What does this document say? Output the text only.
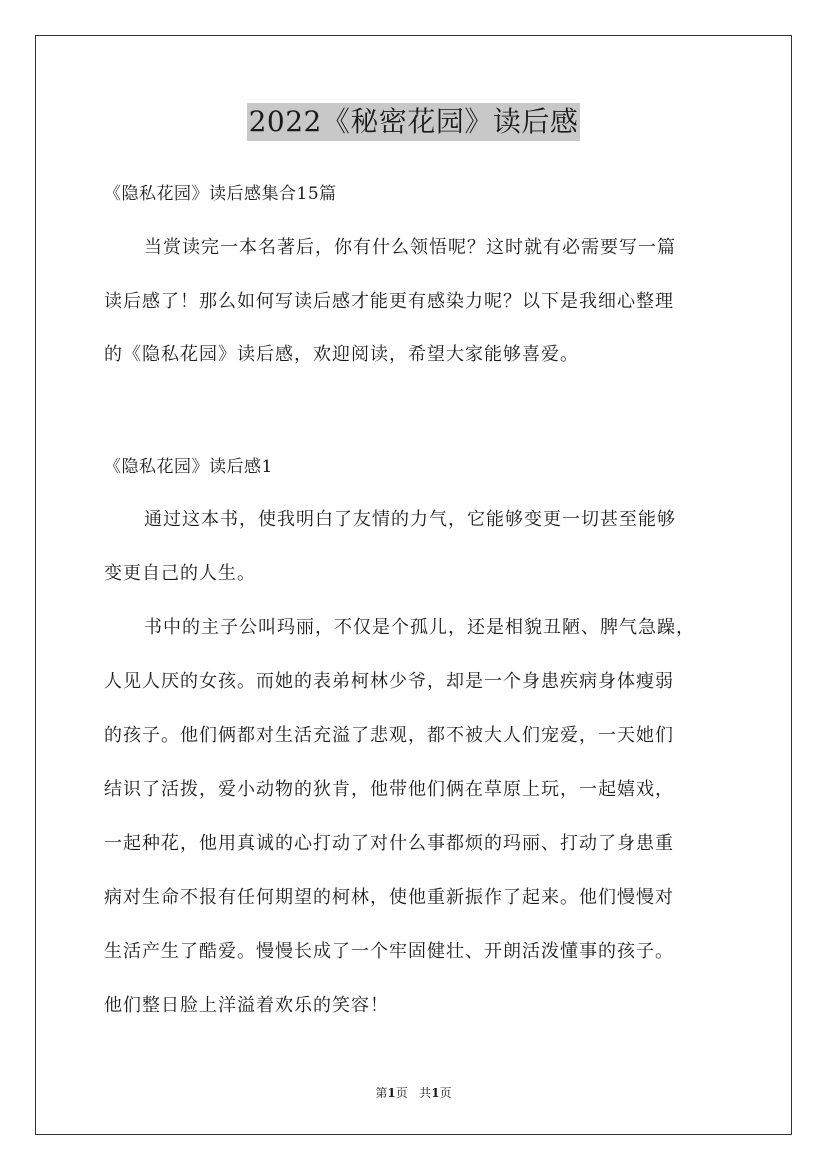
2022《秘密花园》读后感
《隐私花园》读后感集合15篇
当赏读完一本名著后，你有什么领悟呢？这时就有必需要写一篇
读后感了！那么如何写读后感才能更有感染力呢？以下是我细心整理
的《隐私花园》读后感，欢迎阅读，希望大家能够喜爱。
《隐私花园》读后感1
通过这本书，使我明白了友情的力气，它能够变更一切甚至能够
变更自己的人生。
书中的主子公叫玛丽，不仅是个孤儿，还是相貌丑陋、脾气急躁，
人见人厌的女孩。而她的表弟柯林少爷，却是一个身患疾病身体瘦弱
的孩子。他们俩都对生活充溢了悲观，都不被大人们宠爱，一天她们
结识了活拨，爱小动物的狄肯，他带他们俩在草原上玩，一起嬉戏，
一起种花，他用真诚的心打动了对什么事都烦的玛丽、打动了身患重
病对生命不报有任何期望的柯林，使他重新振作了起来。他们慢慢对
生活产生了酷爱。慢慢长成了一个牢固健壮、开朗活泼懂事的孩子。
他们整日脸上洋溢着欢乐的笑容！
第1页 共1页
